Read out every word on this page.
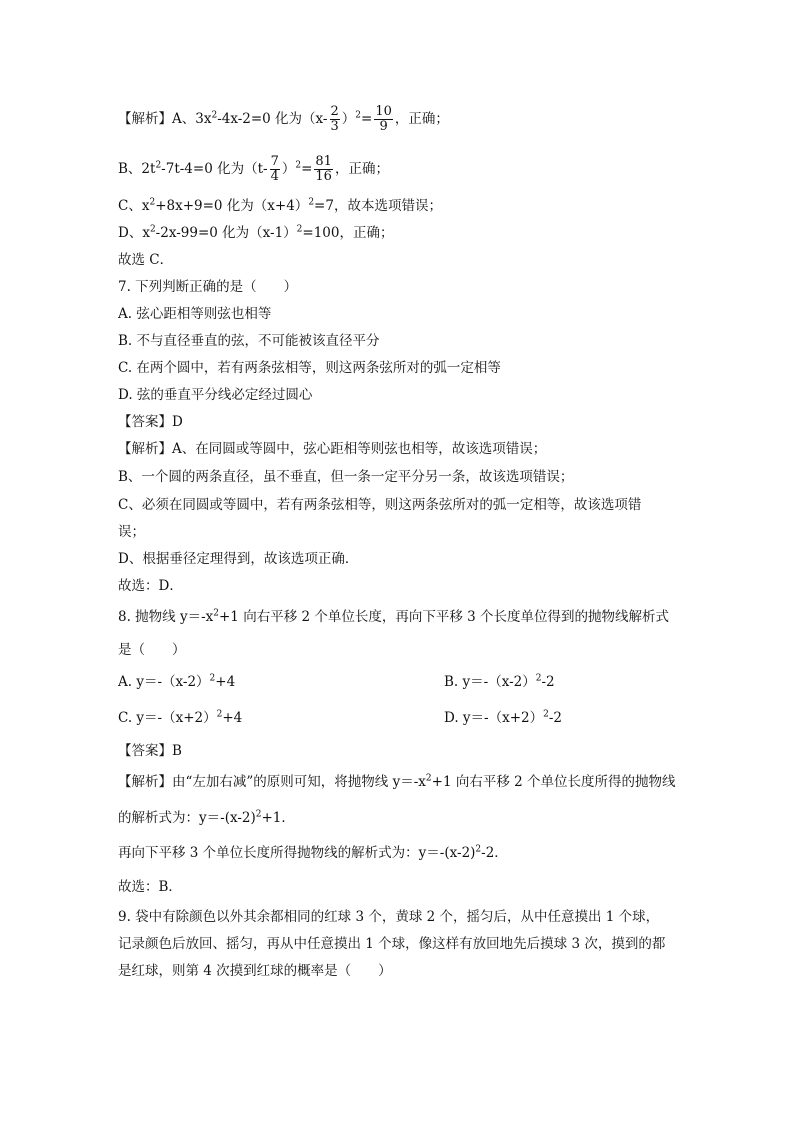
【解析】A、$3x^2-4x-2=0$ 化为$(x- \frac{2}{3} )^2= \frac{10}{9}$ ，正确；
B、$2t^2-7t-4=0$ 化为$(t- \frac{7}{4} )^2= \frac{81}{16}$ ，正确；
C、$x^2+8x+9=0$ 化为$(x+4)^2=7$，故本选项错误；
D、$x^2-2x-99=0$ 化为$(x-1)^2=100$，正确；
故选 C．
7. 下列判断正确的是（　　）
A. 弦心距相等则弦也相等
B. 不与直径垂直的弦，不可能被该直径平分
C. 在两个圆中，若有两条弦相等，则这两条弦所对的弧一定相等
D. 弦的垂直平分线必定经过圆心
【答案】D
【解析】A、在同圆或等圆中，弦心距相等则弦也相等，故该选项错误；
B、一个圆的两条直径，虽不垂直，但一条一定平分另一条，故该选项错误；
C、必须在同圆或等圆中，若有两条弦相等，则这两条弦所对的弧一定相等，故该选项错
误；
D、根据垂径定理得到，故该选项正确．
故选：D．
8. 抛物线 $y=-x^2+1$ 向右平移 2 个单位长度，再向下平移 3 个长度单位得到的抛物线解析式
是（　　）
A. $y=-(x-2)^2+4$	B. $y=-(x-2)^2-2$
C. $y=-(x+2)^2+4$	D. $y=-(x+2)^2-2$
【答案】B
【解析】由“左加右减”的原则可知，将抛物线 $y=-x^2+1$ 向右平移 2 个单位长度所得的抛物线
的解析式为：$y=-(x-2)^2+1$．
再向下平移 3 个单位长度所得抛物线的解析式为：$y=-(x-2)^2-2$．
故选：B．
9. 袋中有除颜色以外其余都相同的红球 3 个，黄球 2 个，摇匀后，从中任意摸出 1 个球，
记录颜色后放回、摇匀，再从中任意摸出 1 个球，像这样有放回地先后摸球 3 次，摸到的都
是红球，则第 4 次摸到红球的概率是（　　）
